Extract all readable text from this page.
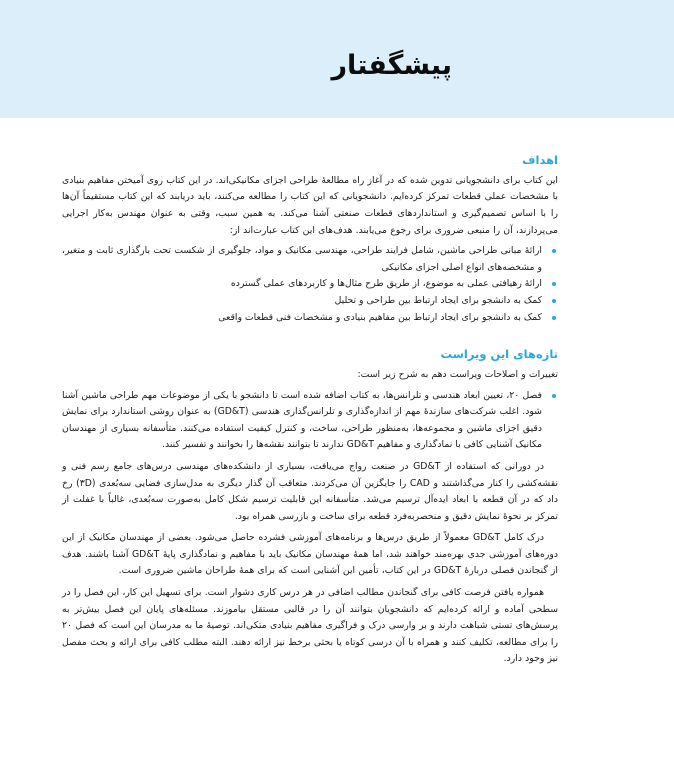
پیشگفتار
اهداف

این کتاب برای دانشجویانی تدوین شده که در آغاز راه مطالعهٔ طراحی اجزای مکانیکی‌اند. در این کتاب روی آمیختن مفاهیم بنیادی با مشخصات عملی قطعات تمرکز کرده‌ایم. دانشجویانی که این کتاب را مطالعه می‌کنند، باید دریابند که این کتاب مستقیماً آن‌ها را با اساس تصمیم‌گیری و استانداردهای قطعات صنعتی آشنا می‌کند. به همین سبب، وقتی به عنوان مهندس به‌کار اجرایی می‌پردازند، آن را منبعی ضروری برای رجوع می‌یابند. هدف‌های این کتاب عبارت‌اند از:

ارائهٔ مبانی طراحی ماشین، شامل فرایند طراحی، مهندسی مکانیک و مواد، جلوگیری از شکست تحت بارگذاری ثابت و متغیر، و مشخصه‌های انواع اصلی اجزای مکانیکی
ارائهٔ رهیافتی عملی به موضوع، از طریق طرح مثال‌ها و کاربردهای عملی گسترده
کمک به دانشجو برای ایجاد ارتباط بین طراحی و تحلیل
کمک به دانشجو برای ایجاد ارتباط بین مفاهیم بنیادی و مشخصات فنی قطعات واقعی
تازه‌های این ویراست

تغییرات و اصلاحات ویراست دهم به شرح زیر است:

فصل ۲۰، تعیین ابعاد هندسی و تلرانس‌ها، به کتاب اضافه شده است تا دانشجو با یکی از موضوعات مهم طراحی ماشین آشنا شود. اغلب شرکت‌های سازندهٔ مهم از اندازه‌گذاری و تلرانس‌گذاری هندسی (GD&T) به عنوان روشی استاندارد برای نمایش دقیق اجزای ماشین و مجموعه‌ها، به‌منظور طراحی، ساخت، و کنترل کیفیت استفاده می‌کنند. متأسفانه بسیاری از مهندسان مکانیک آشنایی کافی با نمادگذاری و مفاهیم GD&T ندارند تا بتوانند نقشه‌ها را بخوانند و تفسیر کنند.

در دورانی که استفاده از GD&T در صنعت رواج می‌یافت، بسیاری از دانشکده‌های مهندسی درس‌های جامع رسم فنی و نقشه‌کشی را کنار می‌گذاشتند و CAD را جایگزین آن می‌کردند. متعاقب آن گذار دیگری به مدل‌سازی فضایی سه‌بُعدی (۳D) رخ داد که در آن قطعه با ابعاد ایده‌آل ترسیم می‌شد. متأسفانه این قابلیت ترسیم شکل کامل به‌صورت سه‌بُعدی، غالباً با غفلت از تمرکز بر نحوهٔ نمایش دقیق و منحصربه‌فرد قطعه برای ساخت و بازرسی همراه بود.

درک کامل GD&T معمولاً از طریق درس‌ها و برنامه‌های آموزشی فشرده حاصل می‌شود. بعضی از مهندسان مکانیک از این دوره‌های آموزشی جدی بهره‌مند خواهند شد، اما همهٔ مهندسان مکانیک باید با مفاهیم و نمادگذاری پایهٔ GD&T آشنا باشند. هدف از گنجاندن فصلی دربارهٔ GD&T در این کتاب، تأمین این آشنایی است که برای همهٔ طراحان ماشین ضروری است.

همواره یافتن فرصت کافی برای گنجاندن مطالب اضافی در هر درس کاری دشوار است. برای تسهیل این کار، این فصل را در سطحی آماده و ارائه کرده‌ایم که دانشجویان بتوانند آن را در قالبی مستقل بیاموزند. مسئله‌های پایان این فصل بیش‌تر به پرسش‌های تستی شباهت دارند و بر وارسی درک و فراگیری مفاهیم بنیادی متکی‌اند. توصیهٔ ما به مدرسان این است که فصل ۲۰ را برای مطالعه، تکلیف کنند و همراه با آن درسی کوتاه یا بحثی برخط نیز ارائه دهند. البته مطلب کافی برای ارائه و بحث مفصل نیز وجود دارد.
